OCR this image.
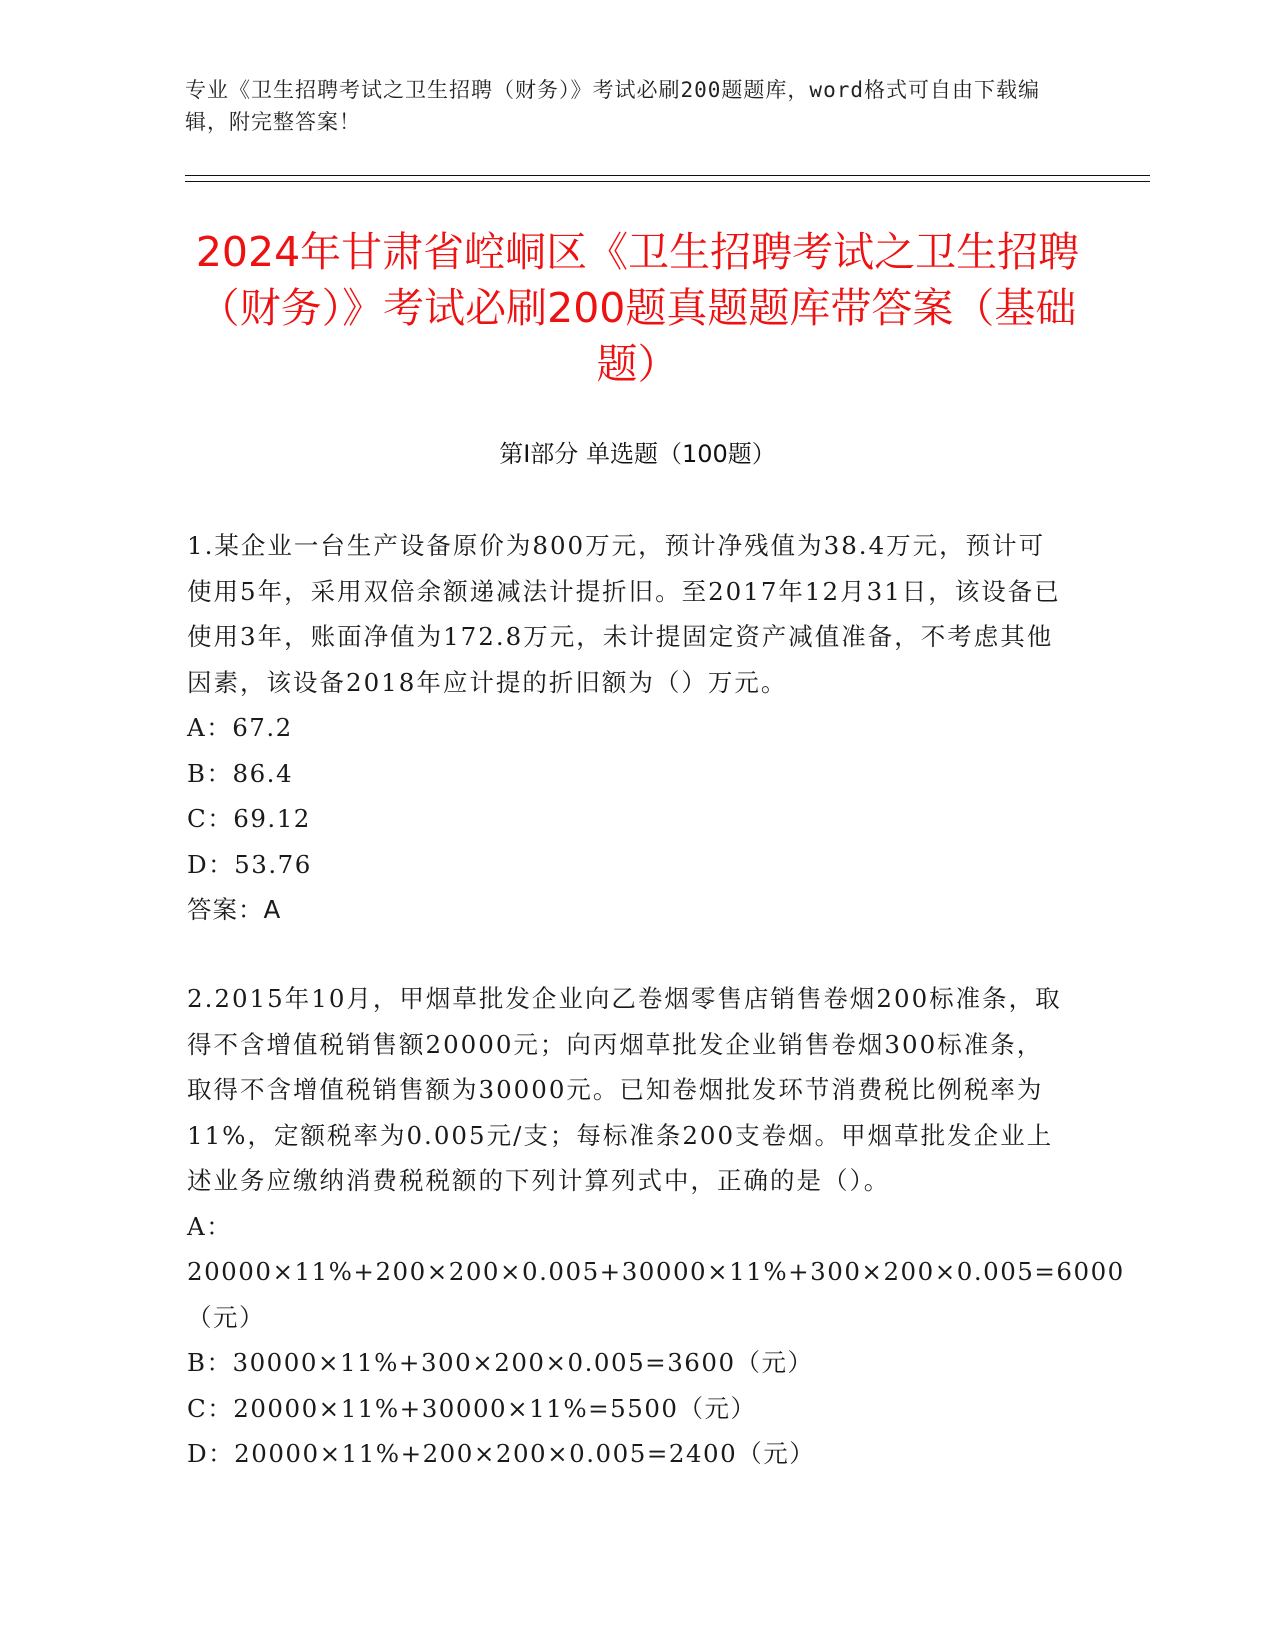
专业《卫生招聘考试之卫生招聘（财务）》考试必刷200题题库，word格式可自由下载编辑，附完整答案！
2024年甘肃省崆峒区《卫生招聘考试之卫生招聘（财务）》考试必刷200题真题题库带答案（基础题）
第Ⅰ部分 单选题（100题）
1.某企业一台生产设备原价为800万元，预计净残值为38.4万元，预计可使用5年，采用双倍余额递减法计提折旧。至2017年12月31日，该设备已使用3年，账面净值为172.8万元，未计提固定资产减值准备，不考虑其他因素，该设备2018年应计提的折旧额为（）万元。
A：67.2
B：86.4
C：69.12
D：53.76
答案：A
2.2015年10月，甲烟草批发企业向乙卷烟零售店销售卷烟200标准条，取得不含增值税销售额20000元；向丙烟草批发企业销售卷烟300标准条，取得不含增值税销售额为30000元。已知卷烟批发环节消费税比例税率为11%，定额税率为0.005元/支；每标准条200支卷烟。甲烟草批发企业上述业务应缴纳消费税税额的下列计算列式中，正确的是（）。
A：20000×11%+200×200×0.005+30000×11%+300×200×0.005=6000（元）
B：30000×11%+300×200×0.005=3600（元）
C：20000×11%+30000×11%=5500（元）
D：20000×11%+200×200×0.005=2400（元）
